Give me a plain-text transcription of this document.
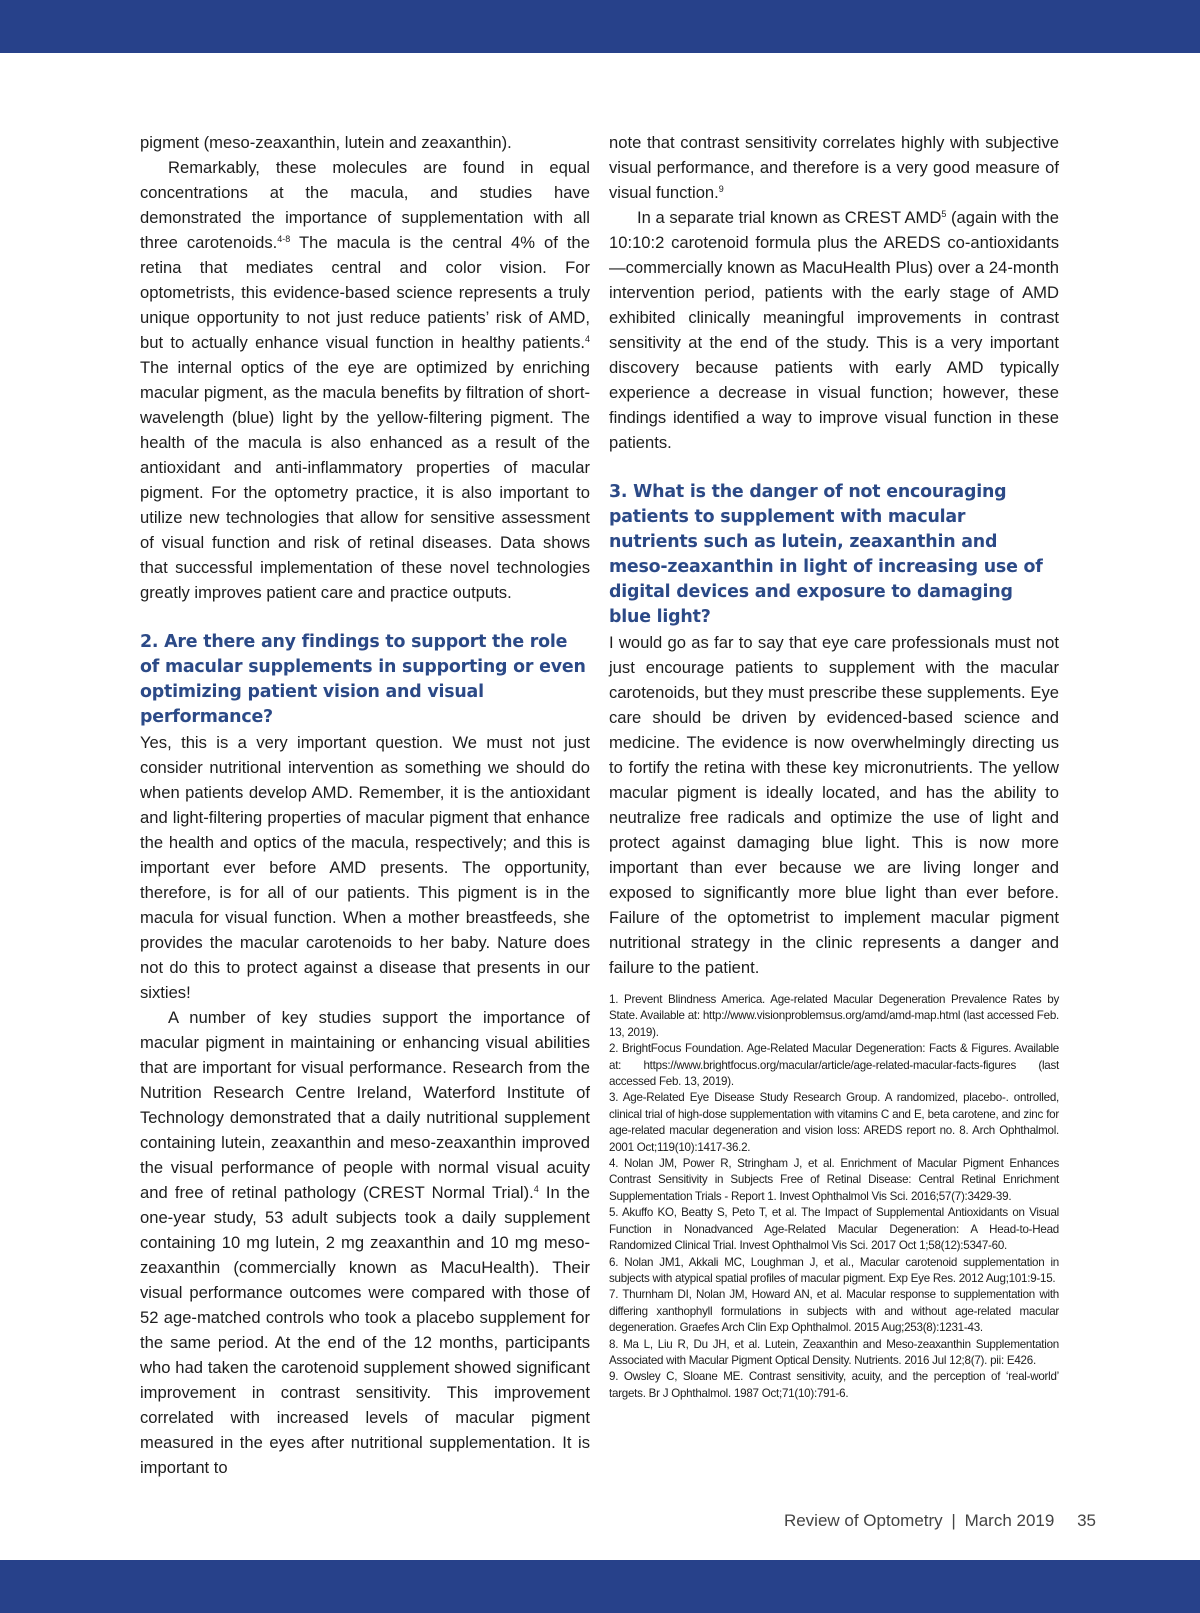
pigment (meso-zeaxanthin, lutein and zeaxanthin).

Remarkably, these molecules are found in equal concentrations at the macula, and studies have demonstrated the importance of supplementation with all three carotenoids.$^{4-8}$ The macula is the central 4% of the retina that mediates central and color vision. For optometrists, this evidence-based science represents a truly unique opportunity to not just reduce patients’ risk of AMD, but to actually enhance visual function in healthy patients.$^4$ The internal optics of the eye are optimized by enriching macular pigment, as the macula benefits by filtration of short-wavelength (blue) light by the yellow-filtering pigment. The health of the macula is also enhanced as a result of the antioxidant and anti-inflammatory properties of macular pigment. For the optometry practice, it is also important to utilize new technologies that allow for sensitive assessment of visual function and risk of retinal diseases. Data shows that successful implementation of these novel technologies greatly improves patient care and practice outputs.

2. Are there any findings to support the role of macular supplements in supporting or even optimizing patient vision and visual performance?

Yes, this is a very important question. We must not just consider nutritional intervention as something we should do when patients develop AMD. Remember, it is the antioxidant and light-filtering properties of macular pigment that enhance the health and optics of the macula, respectively; and this is important ever before AMD presents. The opportunity, therefore, is for all of our patients. This pigment is in the macula for visual function. When a mother breastfeeds, she provides the macular carotenoids to her baby. Nature does not do this to protect against a disease that presents in our sixties!

A number of key studies support the importance of macular pigment in maintaining or enhancing visual abilities that are important for visual performance. Research from the Nutrition Research Centre Ireland, Waterford Institute of Technology demonstrated that a daily nutritional supplement containing lutein, zeaxanthin and meso-zeaxanthin improved the visual performance of people with normal visual acuity and free of retinal pathology (CREST Normal Trial).$^4$ In the one-year study, 53 adult subjects took a daily supplement containing 10 mg lutein, 2 mg zeaxanthin and 10 mg meso-zeaxanthin (commercially known as MacuHealth). Their visual performance outcomes were compared with those of 52 age-matched controls who took a placebo supplement for the same period. At the end of the 12 months, participants who had taken the carotenoid supplement showed significant improvement in contrast sensitivity. This improvement correlated with increased levels of macular pigment measured in the eyes after nutritional supplementation. It is important to

note that contrast sensitivity correlates highly with subjective visual performance, and therefore is a very good measure of visual function.$^9$

In a separate trial known as CREST AMD$^5$ (again with the 10:10:2 carotenoid formula plus the AREDS co-antioxidants—commercially known as MacuHealth Plus) over a 24-month intervention period, patients with the early stage of AMD exhibited clinically meaningful improvements in contrast sensitivity at the end of the study. This is a very important discovery because patients with early AMD typically experience a decrease in visual function; however, these findings identified a way to improve visual function in these patients.

3. What is the danger of not encouraging patients to supplement with macular nutrients such as lutein, zeaxanthin and meso-zeaxanthin in light of increasing use of digital devices and exposure to damaging blue light?

I would go as far to say that eye care professionals must not just encourage patients to supplement with the macular carotenoids, but they must prescribe these supplements. Eye care should be driven by evidenced-based science and medicine. The evidence is now overwhelmingly directing us to fortify the retina with these key micronutrients. The yellow macular pigment is ideally located, and has the ability to neutralize free radicals and optimize the use of light and protect against damaging blue light. This is now more important than ever because we are living longer and exposed to significantly more blue light than ever before. Failure of the optometrist to implement macular pigment nutritional strategy in the clinic represents a danger and failure to the patient.

1. Prevent Blindness America. Age-related Macular Degeneration Prevalence Rates by State. Available at: http://www.visionproblemsus.org/amd/amd-map.html (last accessed Feb. 13, 2019).

2. BrightFocus Foundation. Age-Related Macular Degeneration: Facts & Figures. Available at: https://www.brightfocus.org/macular/article/age-related-macular-facts-figures (last accessed Feb. 13, 2019).

3. Age-Related Eye Disease Study Research Group. A randomized, placebo-. ontrolled, clinical trial of high-dose supplementation with vitamins C and E, beta carotene, and zinc for age-related macular degeneration and vision loss: AREDS report no. 8. Arch Ophthalmol. 2001 Oct;119(10):1417-36.2.

4. Nolan JM, Power R, Stringham J, et al. Enrichment of Macular Pigment Enhances Contrast Sensitivity in Subjects Free of Retinal Disease: Central Retinal Enrichment Supplementation Trials - Report 1. Invest Ophthalmol Vis Sci. 2016;57(7):3429-39.

5. Akuffo KO, Beatty S, Peto T, et al. The Impact of Supplemental Antioxidants on Visual Function in Nonadvanced Age-Related Macular Degeneration: A Head-to-Head Randomized Clinical Trial. Invest Ophthalmol Vis Sci. 2017 Oct 1;58(12):5347-60.

6. Nolan JM1, Akkali MC, Loughman J, et al., Macular carotenoid supplementation in subjects with atypical spatial profiles of macular pigment. Exp Eye Res. 2012 Aug;101:9-15.

7. Thurnham DI, Nolan JM, Howard AN, et al. Macular response to supplementation with differing xanthophyll formulations in subjects with and without age-related macular degeneration. Graefes Arch Clin Exp Ophthalmol. 2015 Aug;253(8):1231-43.

8. Ma L, Liu R, Du JH, et al. Lutein, Zeaxanthin and Meso-zeaxanthin Supplementation Associated with Macular Pigment Optical Density. Nutrients. 2016 Jul 12;8(7). pii: E426.

9. Owsley C, Sloane ME. Contrast sensitivity, acuity, and the perception of ‘real-world’ targets. Br J Ophthalmol. 1987 Oct;71(10):791-6.

Review of Optometry | March 2019 35
